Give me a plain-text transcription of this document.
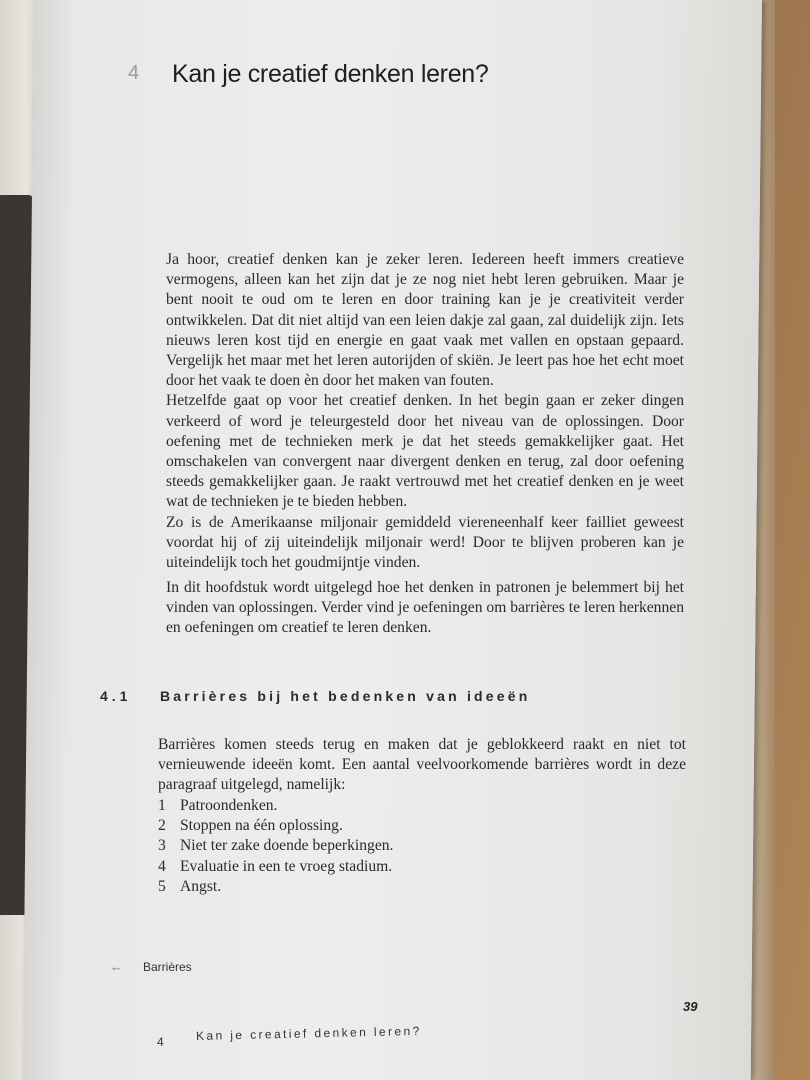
4 Kan je creatief denken leren?

Ja hoor, creatief denken kan je zeker leren. Iedereen heeft immers creatieve vermogens, alleen kan het zijn dat je ze nog niet hebt leren gebruiken. Maar je bent nooit te oud om te leren en door training kan je je creativiteit verder ontwikkelen. Dat dit niet altijd van een leien dakje zal gaan, zal duidelijk zijn. Iets nieuws leren kost tijd en energie en gaat vaak met vallen en opstaan gepaard. Vergelijk het maar met het leren autorijden of skiën. Je leert pas hoe het echt moet door het vaak te doen èn door het maken van fouten.

Hetzelfde gaat op voor het creatief denken. In het begin gaan er zeker dingen verkeerd of word je teleurgesteld door het niveau van de oplossingen. Door oefening met de technieken merk je dat het steeds gemakkelijker gaat. Het omschakelen van convergent naar divergent denken en terug, zal door oefening steeds gemakkelijker gaan. Je raakt vertrouwd met het creatief denken en je weet wat de technieken je te bieden hebben.

Zo is de Amerikaanse miljonair gemiddeld viereneenhalf keer failliet geweest voordat hij of zij uiteindelijk miljonair werd! Door te blijven proberen kan je uiteindelijk toch het goudmijntje vinden.

In dit hoofdstuk wordt uitgelegd hoe het denken in patronen je belemmert bij het vinden van oplossingen. Verder vind je oefeningen om barrières te leren herkennen en oefeningen om creatief te leren denken.

4.1 Barrières bij het bedenken van ideeën

Barrières komen steeds terug en maken dat je geblokkeerd raakt en niet tot vernieuwende ideeën komt. Een aantal veelvoorkomende barrières wordt in deze paragraaf uitgelegd, namelijk:

1 Patroondenken.
2 Stoppen na één oplossing.
3 Niet ter zake doende beperkingen.
4 Evaluatie in een te vroeg stadium.
5 Angst.
← Barrières
39
4	Kan je creatief denken leren?
